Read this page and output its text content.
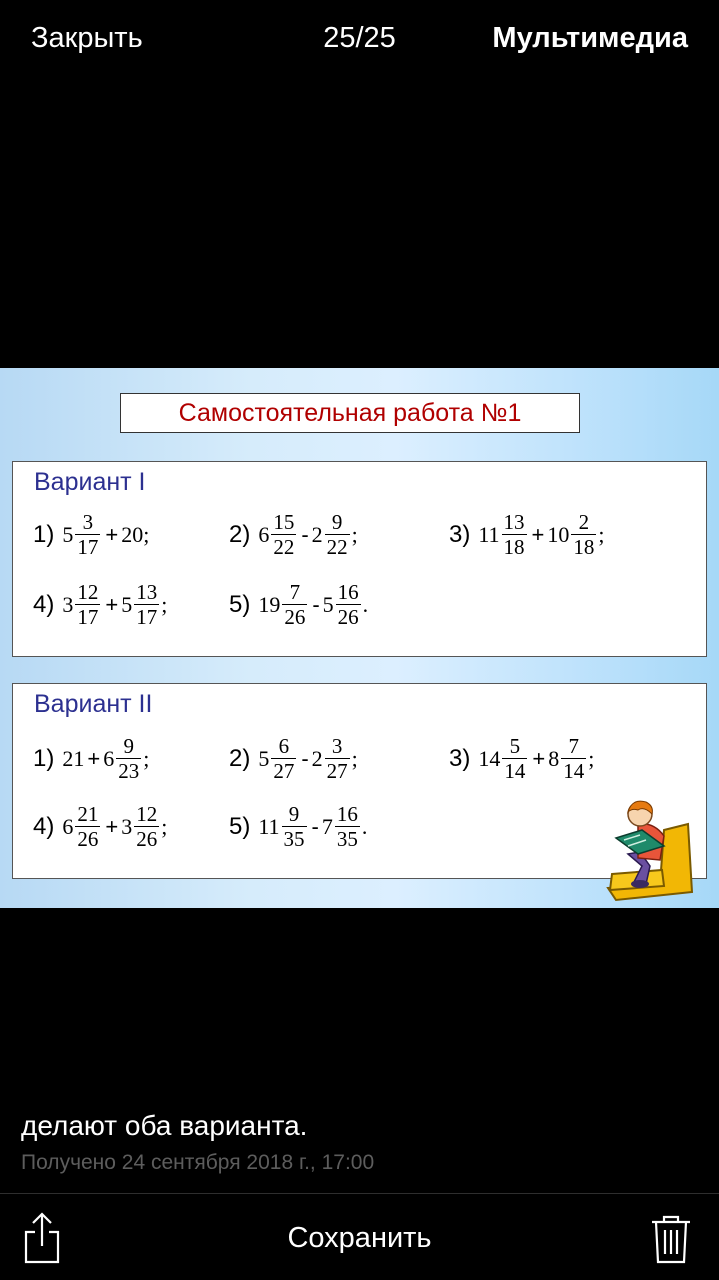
Закрыть	25/25	Мультимедиа
Самостоятельная работа №1
Вариант I
1) $5 \frac{3}{17} + 20$ ;	2) $6 \frac{15}{22} - 2 \frac{9}{22}$ ;	3) $11 \frac{13}{18} + 10 \frac{2}{18}$ ;
4) $3 \frac{12}{17} + 5 \frac{13}{17}$ ;	5) $19 \frac{7}{26} - 5 \frac{16}{26}$ .
Вариант II
1) $21 + 6 \frac{9}{23}$ ;	2) $5 \frac{6}{27} - 2 \frac{3}{27}$ ;	3) $14 \frac{5}{14} + 8 \frac{7}{14}$ ;
4) $6 \frac{21}{26} + 3 \frac{12}{26}$ ;	5) $11 \frac{9}{35} - 7 \frac{16}{35}$ .
делают оба варианта.
Получено 24 сентября 2018 г., 17:00
Сохранить
